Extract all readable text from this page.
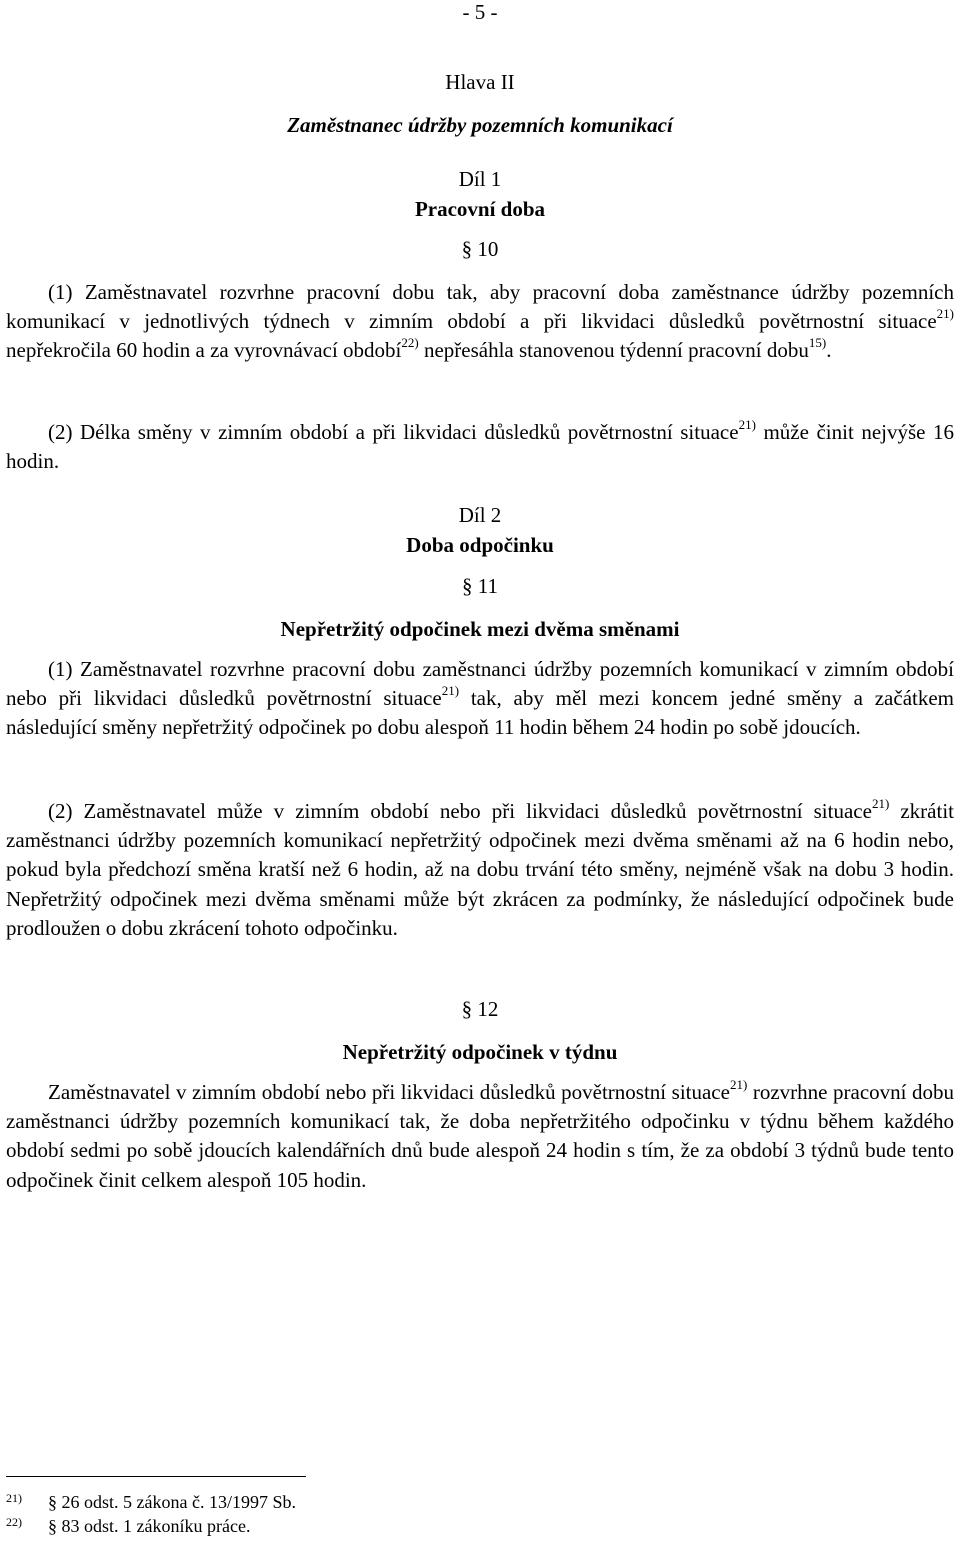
- 5 -
Hlava II
Zaměstnanec údržby pozemních komunikací
Díl 1
Pracovní doba
§ 10
(1) Zaměstnavatel rozvrhne pracovní dobu tak, aby pracovní doba zaměstnance údržby pozemních komunikací v jednotlivých týdnech v zimním období a při likvidaci důsledků povětrnostní situace$^{21)}$ nepřekročila 60 hodin a za vyrovnávací období$^{22)}$ nepřesáhla stanovenou týdenní pracovní dobu$^{15)}$.
(2) Délka směny v zimním období a při likvidaci důsledků povětrnostní situace$^{21)}$ může činit nejvýše 16 hodin.
Díl 2
Doba odpočinku
§ 11
Nepřetržitý odpočinek mezi dvěma směnami
(1) Zaměstnavatel rozvrhne pracovní dobu zaměstnanci údržby pozemních komunikací v zimním období nebo při likvidaci důsledků povětrnostní situace$^{21)}$ tak, aby měl mezi koncem jedné směny a začátkem následující směny nepřetržitý odpočinek po dobu alespoň 11 hodin během 24 hodin po sobě jdoucích.
(2) Zaměstnavatel může v zimním období nebo při likvidaci důsledků povětrnostní situace$^{21)}$ zkrátit zaměstnanci údržby pozemních komunikací nepřetržitý odpočinek mezi dvěma směnami až na 6 hodin nebo, pokud byla předchozí směna kratší než 6 hodin, až na dobu trvání této směny, nejméně však na dobu 3 hodin. Nepřetržitý odpočinek mezi dvěma směnami může být zkrácen za podmínky, že následující odpočinek bude prodloužen o dobu zkrácení tohoto odpočinku.
§ 12
Nepřetržitý odpočinek v týdnu
Zaměstnavatel v zimním období nebo při likvidaci důsledků povětrnostní situace$^{21)}$ rozvrhne pracovní dobu zaměstnanci údržby pozemních komunikací tak, že doba nepřetržitého odpočinku v týdnu během každého období sedmi po sobě jdoucích kalendářních dnů bude alespoň 24 hodin s tím, že za období 3 týdnů bude tento odpočinek činit celkem alespoň 105 hodin.
21) § 26 odst. 5 zákona č. 13/1997 Sb.
22) § 83 odst. 1 zákoníku práce.
